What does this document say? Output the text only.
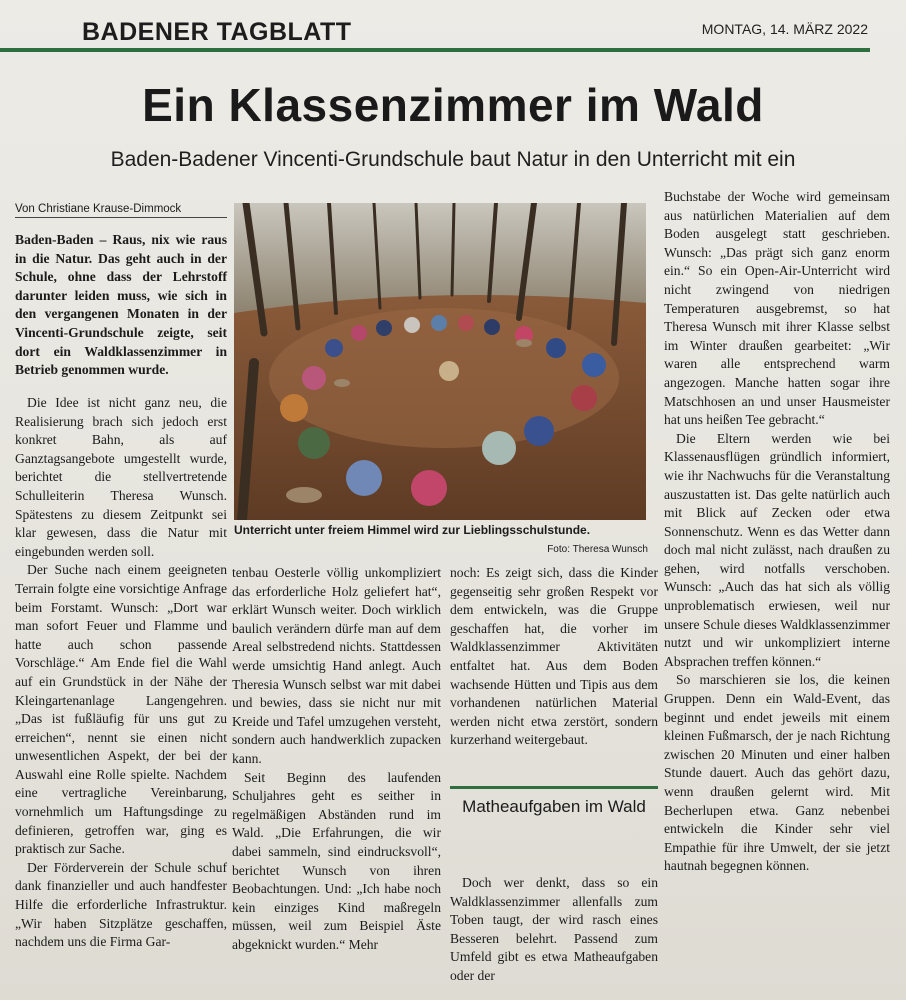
BADENER TAGBLATT	MONTAG, 14. MÄRZ 2022
Ein Klassenzimmer im Wald
Baden-Badener Vincenti-Grundschule baut Natur in den Unterricht mit ein
Von Christiane Krause-Dimmock

Baden-Baden – Raus, nix wie raus in die Natur. Das geht auch in der Schule, ohne dass der Lehrstoff darunter leiden muss, wie sich in den vergangenen Monaten in der Vincenti-Grundschule zeigte, seit dort ein Waldklassenzimmer in Betrieb genommen wurde.

Die Idee ist nicht ganz neu, die Realisierung brach sich jedoch erst konkret Bahn, als auf Ganztagsangebote umgestellt wurde, berichtet die stellvertretende Schulleiterin Theresa Wunsch. Spätestens zu diesem Zeitpunkt sei klar gewesen, dass die Natur mit eingebunden werden soll.

Der Suche nach einem geeigneten Terrain folgte eine vorsichtige Anfrage beim Forstamt. Wunsch: „Dort war man sofort Feuer und Flamme und hatte auch schon passende Vorschläge.“ Am Ende fiel die Wahl auf ein Grundstück in der Nähe der Kleingartenanlage Langengehren. „Das ist fußläufig für uns gut zu erreichen“, nennt sie einen nicht unwesentlichen Aspekt, der bei der Auswahl eine Rolle spielte. Nachdem eine vertragliche Vereinbarung, vornehmlich um Haftungsdinge zu definieren, getroffen war, ging es praktisch zur Sache.

Der Förderverein der Schule schuf dank finanzieller und auch handfester Hilfe die erforderliche Infrastruktur. „Wir haben Sitzplätze geschaffen, nachdem uns die Firma Gar-

Unterricht unter freiem Himmel wird zur Lieblingsschulstunde.
Foto: Theresa Wunsch

tenbau Oesterle völlig unkompliziert das erforderliche Holz geliefert hat“, erklärt Wunsch weiter. Doch wirklich baulich verändern dürfe man auf dem Areal selbstredend nichts. Stattdessen werde umsichtig Hand anlegt. Auch Theresia Wunsch selbst war mit dabei und bewies, dass sie nicht nur mit Kreide und Tafel umzugehen versteht, sondern auch handwerklich zupacken kann.

Seit Beginn des laufenden Schuljahres geht es seither in regelmäßigen Abständen rund im Wald. „Die Erfahrungen, die wir dabei sammeln, sind eindrucksvoll“, berichtet Wunsch von ihren Beobachtungen. Und: „Ich habe noch kein einziges Kind maßregeln müssen, weil zum Beispiel Äste abgeknickt wurden.“ Mehr

noch: Es zeigt sich, dass die Kinder gegenseitig sehr großen Respekt vor dem entwickeln, was die Gruppe geschaffen hat, die vorher im Waldklassenzimmer Aktivitäten entfaltet hat. Aus dem Boden wachsende Hütten und Tipis aus dem vorhandenen natürlichen Material werden nicht etwa zerstört, sondern kurzerhand weitergebaut.

Matheaufgaben im Wald

Doch wer denkt, dass so ein Waldklassenzimmer allenfalls zum Toben taugt, der wird rasch eines Besseren belehrt. Passend zum Umfeld gibt es etwa Matheaufgaben oder der

Buchstabe der Woche wird gemeinsam aus natürlichen Materialien auf dem Boden ausgelegt statt geschrieben. Wunsch: „Das prägt sich ganz enorm ein.“ So ein Open-Air-Unterricht wird nicht zwingend von niedrigen Temperaturen ausgebremst, so hat Theresa Wunsch mit ihrer Klasse selbst im Winter draußen gearbeitet: „Wir waren alle entsprechend warm angezogen. Manche hatten sogar ihre Matschhosen an und unser Hausmeister hat uns heißen Tee gebracht.“

Die Eltern werden wie bei Klassenausflügen gründlich informiert, wie ihr Nachwuchs für die Veranstaltung auszustatten ist. Das gelte natürlich auch mit Blick auf Zecken oder etwa Sonnenschutz. Wenn es das Wetter dann doch mal nicht zulässt, nach draußen zu gehen, wird notfalls verschoben. Wunsch: „Auch das hat sich als völlig unproblematisch erwiesen, weil nur unsere Schule dieses Waldklassenzimmer nutzt und wir unkompliziert interne Absprachen treffen können.“

So marschieren sie los, die keinen Gruppen. Denn ein Wald-Event, das beginnt und endet jeweils mit einem kleinen Fußmarsch, der je nach Richtung zwischen 20 Minuten und einer halben Stunde dauert. Auch das gehört dazu, wenn draußen gelernt wird. Mit Becherlupen etwa. Ganz nebenbei entwickeln die Kinder sehr viel Empathie für ihre Umwelt, der sie jetzt hautnah begegnen können.
